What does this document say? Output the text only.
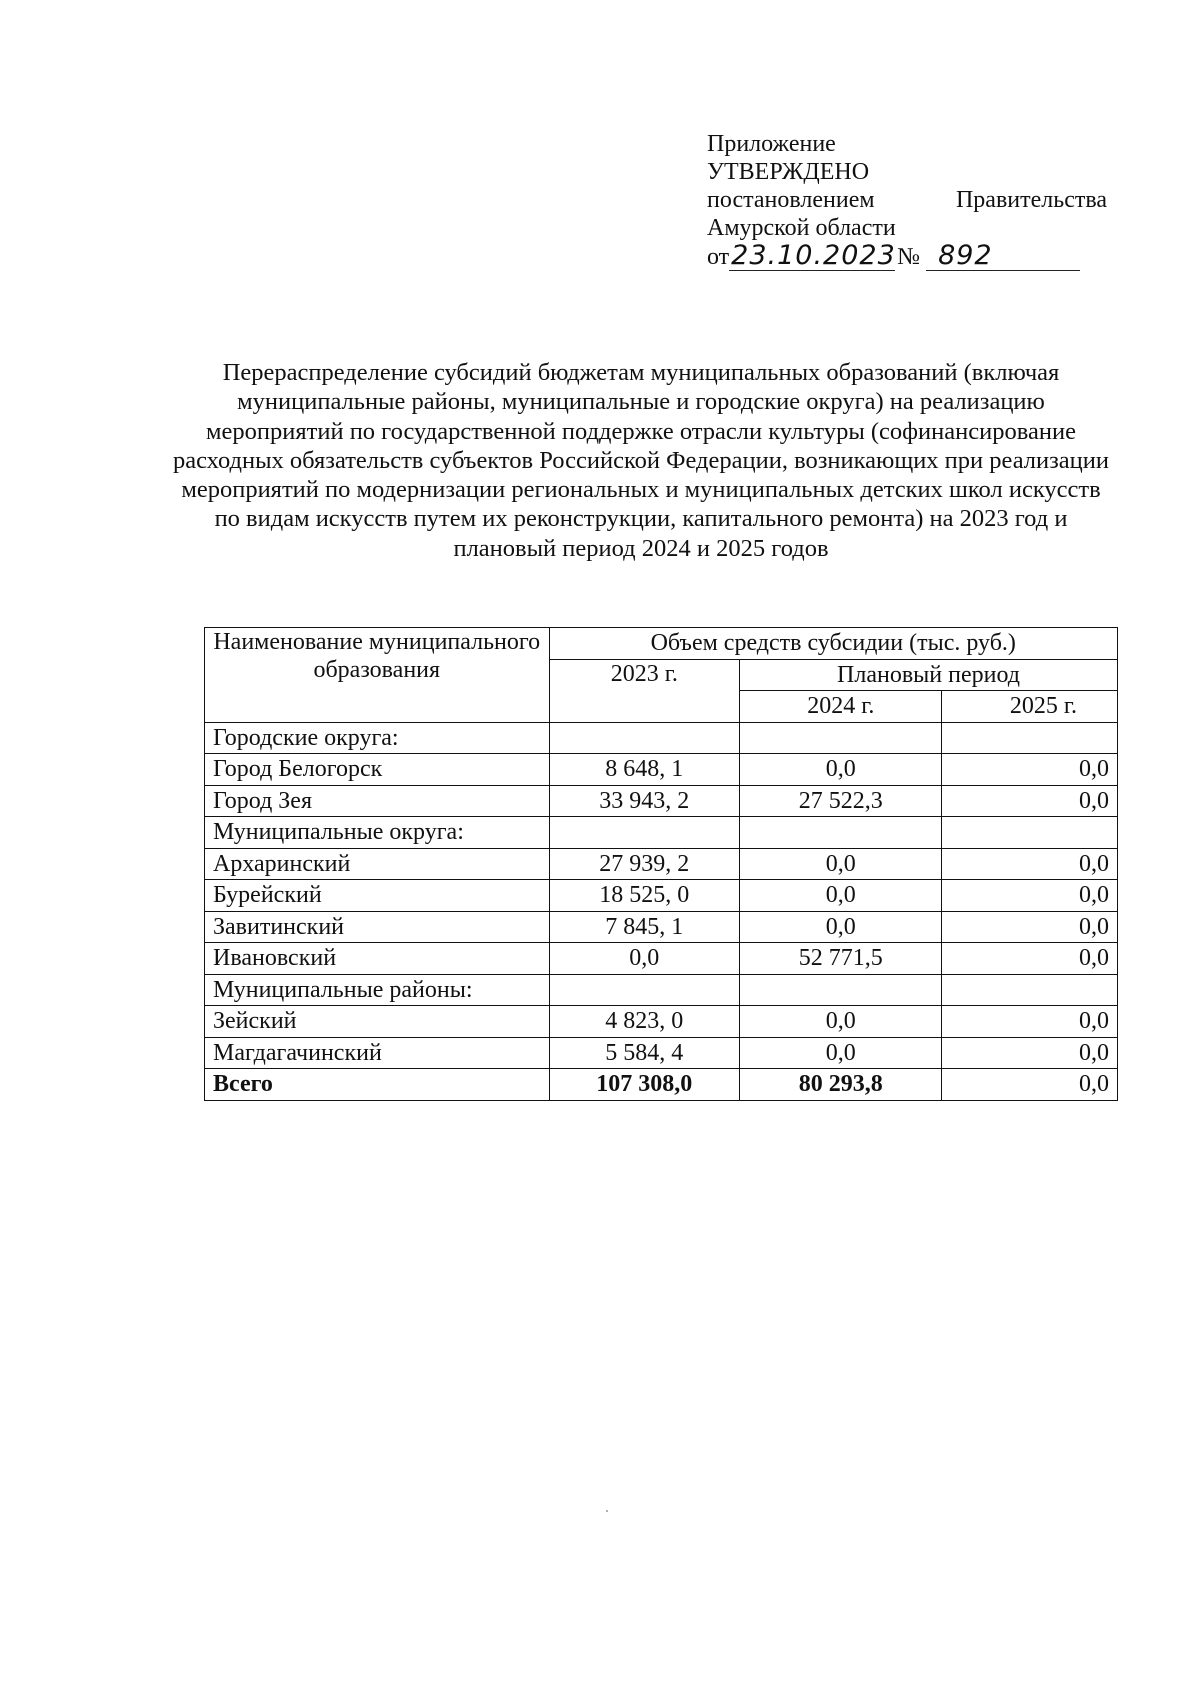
Приложение
УТВЕРЖДЕНО
постановлением	Правительства
Амурской области
от 23.10.2023 № 892
Перераспределение субсидий бюджетам муниципальных образований (включая муниципальные районы, муниципальные и городские округа) на реализацию мероприятий по государственной поддержке отрасли культуры (софинансирование расходных обязательств субъектов Российской Федерации, возникающих при реализации мероприятий по модернизации региональных и муниципальных детских школ искусств по видам искусств путем их реконструкции, капитального ремонта) на 2023 год и плановый период 2024 и 2025 годов
Наименование муниципального образования	Объем средств субсидии (тыс. руб.)		
	2023 г.	Плановый период	
		2024 г.	2025 г.
Городские округа:			
Город Белогорск	8 648, 1	0,0	0,0
Город Зея	33 943, 2	27 522,3	0,0
Муниципальные округа:			
Архаринский	27 939, 2	0,0	0,0
Бурейский	18 525, 0	0,0	0,0
Завитинский	7 845, 1	0,0	0,0
Ивановский	0,0	52 771,5	0,0
Муниципальные районы:			
Зейский	4 823, 0	0,0	0,0
Магдагачинский	5 584, 4	0,0	0,0
Всего	107 308,0	80 293,8	0,0
